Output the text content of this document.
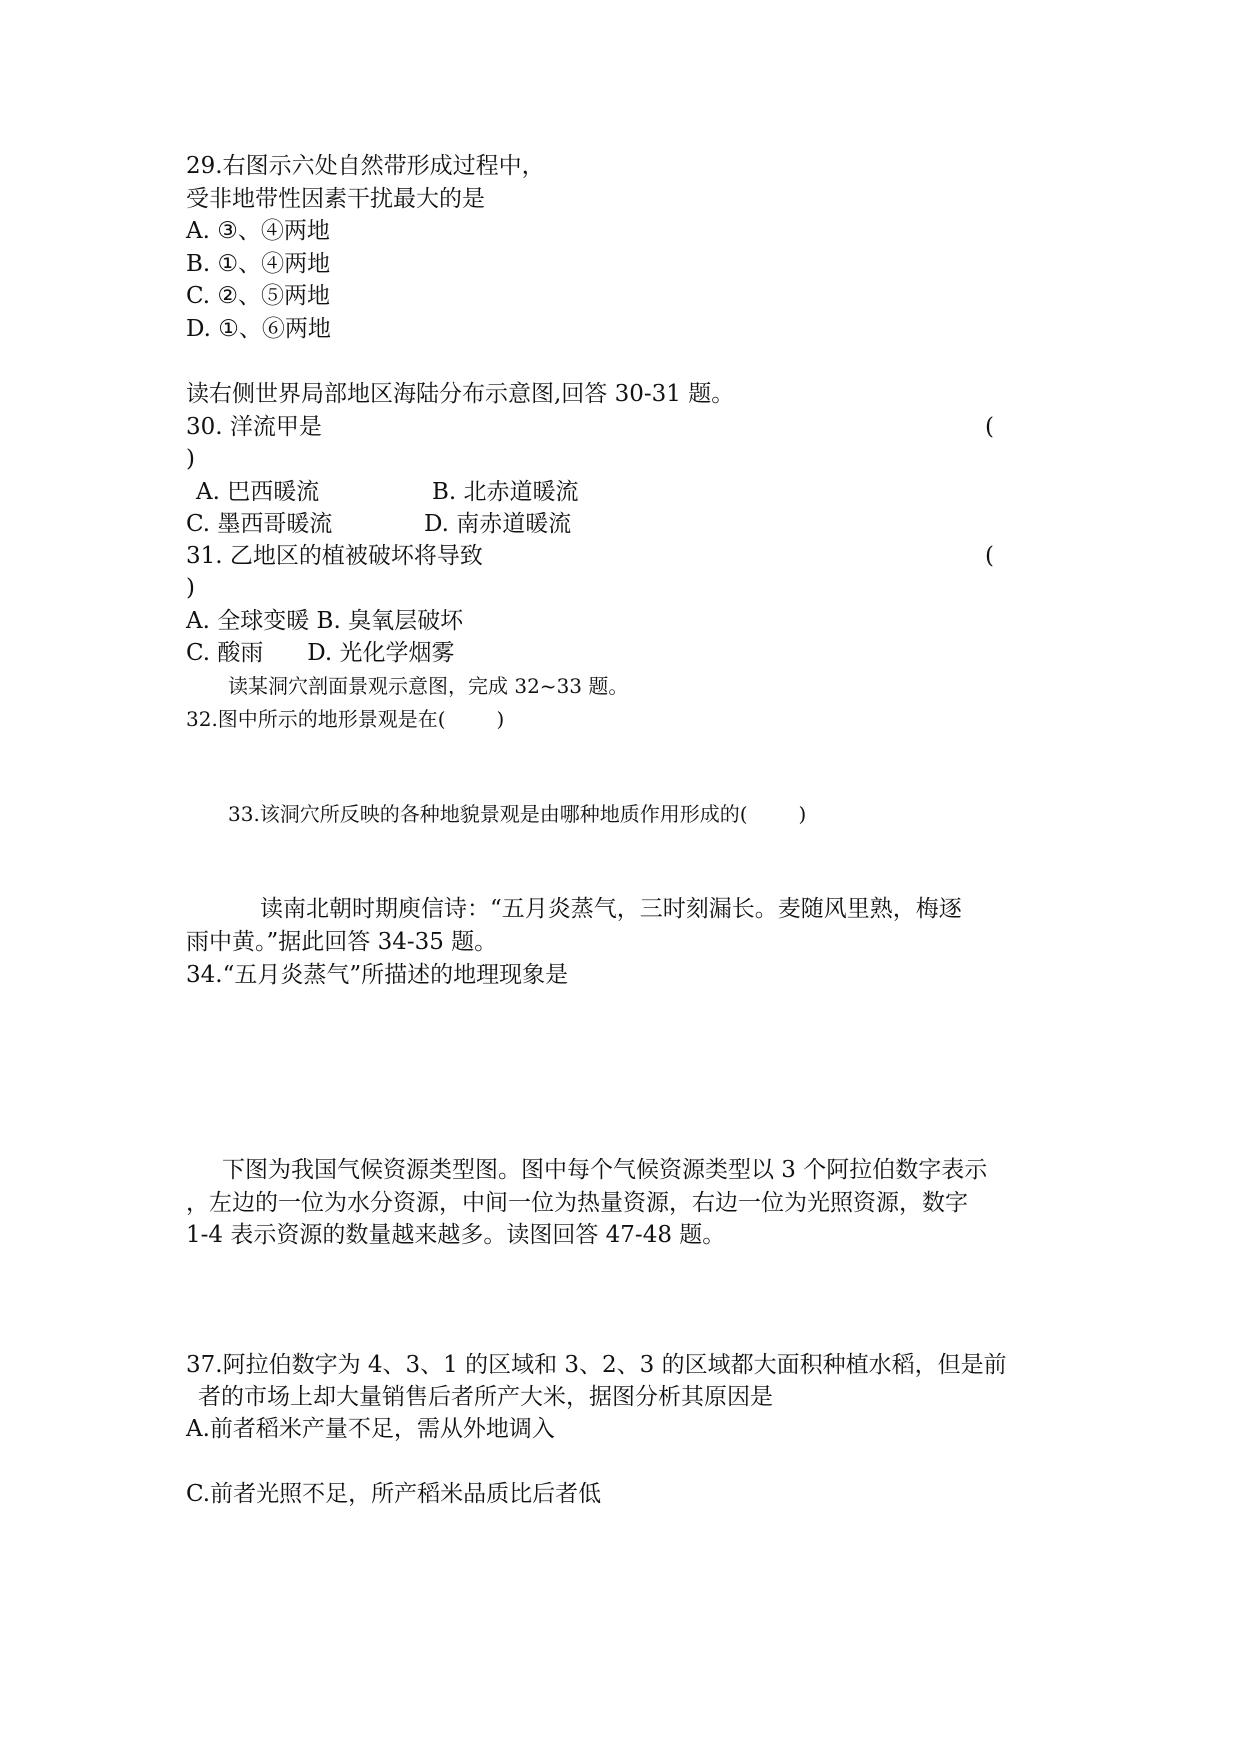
29.右图示六处自然带形成过程中，
受非地带性因素干扰最大的是
A. ③、④两地
B. ①、④两地
C. ②、⑤两地
D. ①、⑥两地
读右侧世界局部地区海陆分布示意图,回答 30-31 题。
30. 洋流甲是	(
)
A. 巴西暖流	B. 北赤道暖流
C. 墨西哥暖流	D. 南赤道暖流
31. 乙地区的植被破坏将导致	(
)
A. 全球变暖 B. 臭氧层破坏
C. 酸雨      D. 光化学烟雾
读某洞穴剖面景观示意图，完成 32~33 题。
32.图中所示的地形景观是在(        )
33.该洞穴所反映的各种地貌景观是由哪种地质作用形成的(        )
读南北朝时期庾信诗：“五月炎蒸气，三时刻漏长。麦随风里熟，梅逐
雨中黄。”据此回答 34-35 题。
34.“五月炎蒸气”所描述的地理现象是
下图为我国气候资源类型图。图中每个气候资源类型以 3 个阿拉伯数字表示
，左边的一位为水分资源，中间一位为热量资源，右边一位为光照资源，数字
1-4 表示资源的数量越来越多。读图回答 47-48 题。
37.阿拉伯数字为 4、3、1 的区域和 3、2、3 的区域都大面积种植水稻，但是前
者的市场上却大量销售后者所产大米，据图分析其原因是
A.前者稻米产量不足，需从外地调入
C.前者光照不足，所产稻米品质比后者低
